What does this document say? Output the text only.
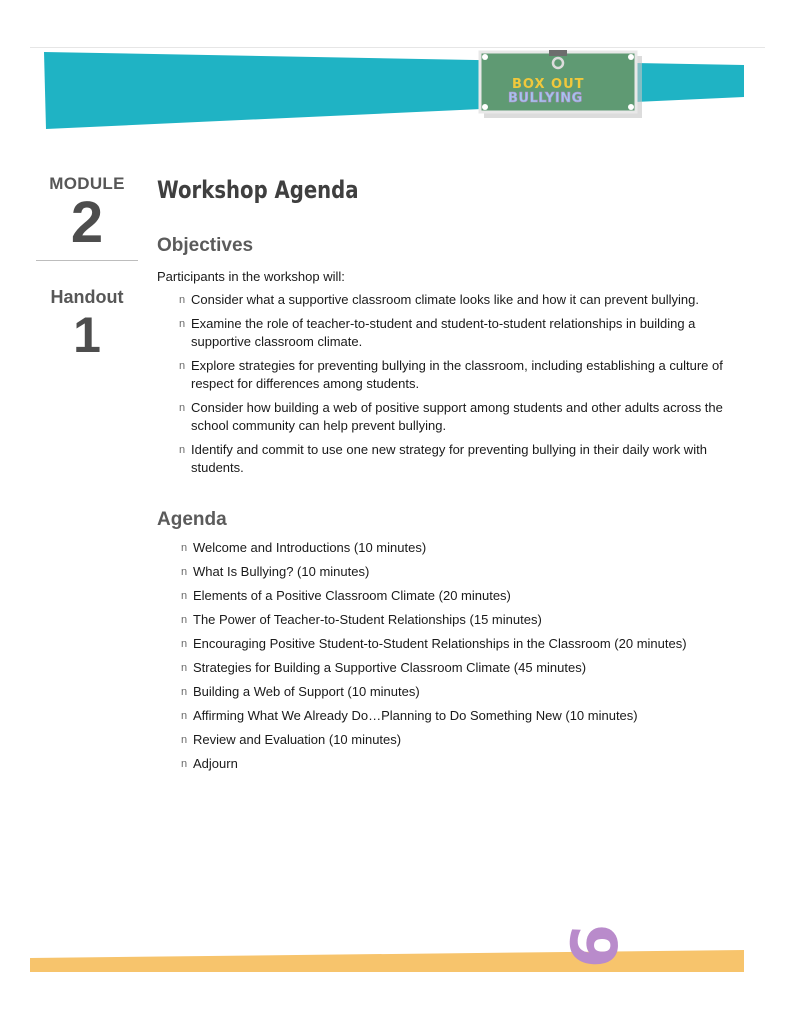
BOX OUT
BULLYING
MODULE
2
Handout
1
Workshop Agenda
Objectives
Participants in the workshop will:
n Consider what a supportive classroom climate looks like and how it can prevent bullying.
n Examine the role of teacher-to-student and student-to-student relationships in building a supportive classroom climate.
n Explore strategies for preventing bullying in the classroom, including establishing a culture of respect for differences among students.
n Consider how building a web of positive support among students and other adults across the school community can help prevent bullying.
n Identify and commit to use one new strategy for preventing bullying in their daily work with students.
Agenda
n Welcome and Introductions (10 minutes)
n What Is Bullying? (10 minutes)
n Elements of a Positive Classroom Climate (20 minutes)
n The Power of Teacher-to-Student Relationships (15 minutes)
n Encouraging Positive Student-to-Student Relationships in the Classroom (20 minutes)
n Strategies for Building a Supportive Classroom Climate (45 minutes)
n Building a Web of Support (10 minutes)
n Affirming What We Already Do…Planning to Do Something New (10 minutes)
n Review and Evaluation (10 minutes)
n Adjourn
6
